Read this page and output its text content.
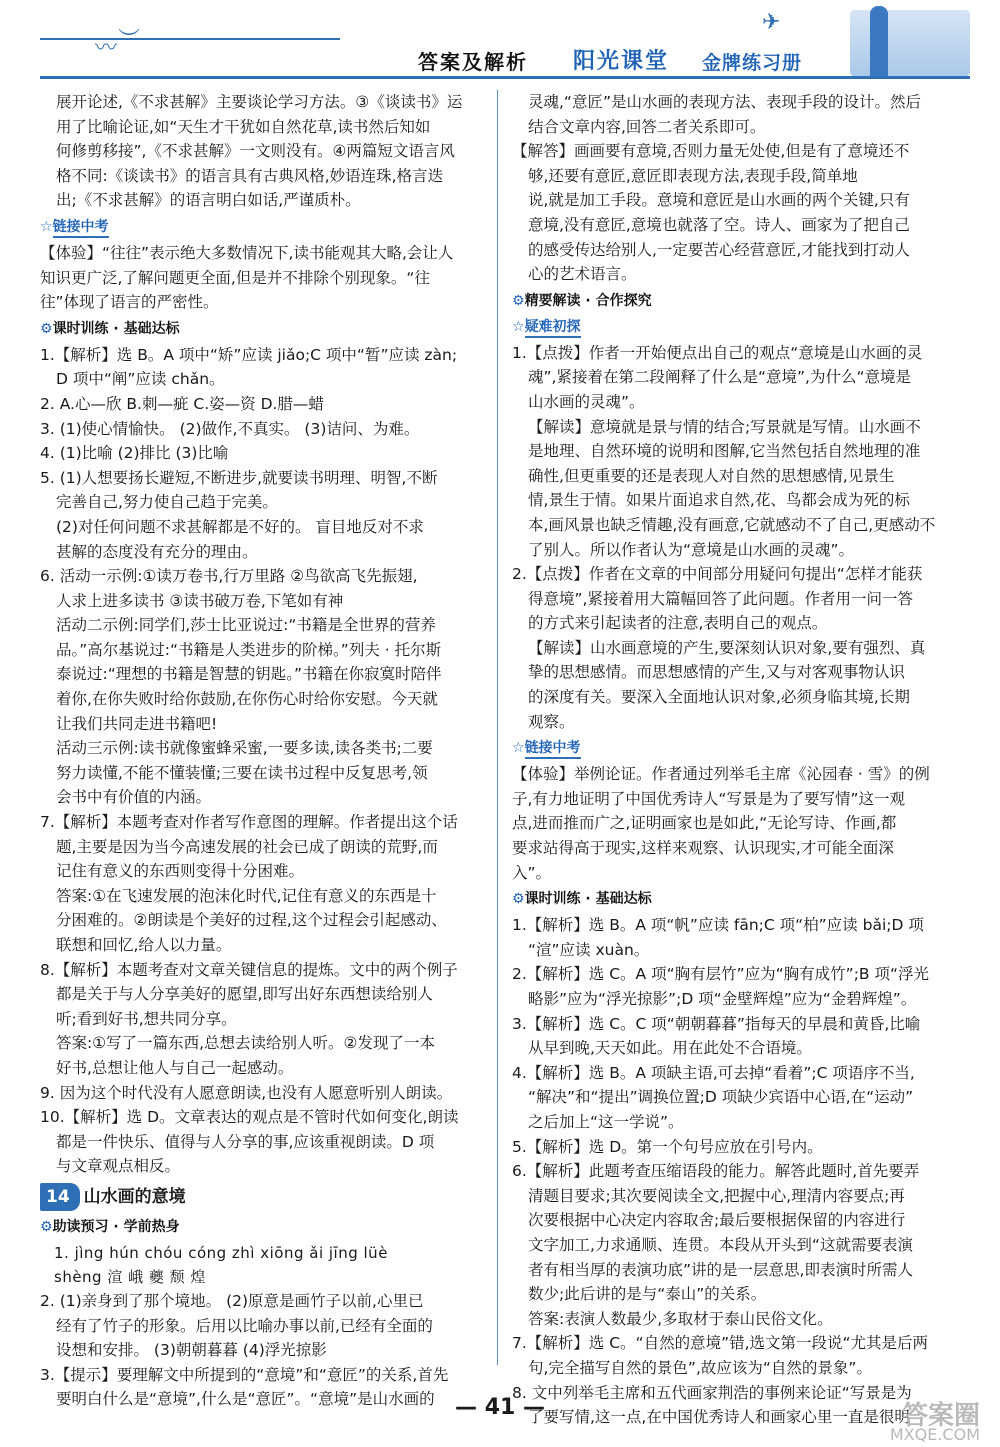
〰 ︶
✈
答案及解析 阳光课堂 金牌练习册

展开论述,《不求甚解》主要谈论学习方法。③《谈读书》运

用了比喻论证,如“天生才干犹如自然花草,读书然后知如

何修剪移接”,《不求甚解》一文则没有。④两篇短文语言风

格不同:《谈读书》的语言具有古典风格,妙语连珠,格言迭

出;《不求甚解》的语言明白如话,严谨质朴。

☆链接中考

【体验】“往往”表示绝大多数情况下,读书能观其大略,会让人

知识更广泛,了解问题更全面,但是并不排除个别现象。“往

往”体现了语言的严密性。

⚙课时训练 · 基础达标

1.【解析】选 B。A 项中“矫”应读 jiǎo;C 项中“暂”应读 zàn;

D 项中“阐”应读 chǎn。

2. A.心—欣 B.刺—疵 C.姿—资 D.腊—蜡

3. (1)使心情愉快。 (2)做作,不真实。 (3)诘问、为难。

4. (1)比喻 (2)排比 (3)比喻

5. (1)人想要扬长避短,不断进步,就要读书明理、明智,不断

完善自己,努力使自己趋于完美。

(2)对任何问题不求甚解都是不好的。 盲目地反对不求

甚解的态度没有充分的理由。

6. 活动一示例:①读万卷书,行万里路 ②鸟欲高飞先振翅,

人求上进多读书 ③读书破万卷,下笔如有神

活动二示例:同学们,莎士比亚说过:“书籍是全世界的营养

品。”高尔基说过:“书籍是人类进步的阶梯。”列夫 · 托尔斯

泰说过:“理想的书籍是智慧的钥匙。”书籍在你寂寞时陪伴

着你,在你失败时给你鼓励,在你伤心时给你安慰。今天就

让我们共同走进书籍吧!

活动三示例:读书就像蜜蜂采蜜,一要多读,读各类书;二要

努力读懂,不能不懂装懂;三要在读书过程中反复思考,领

会书中有价值的内涵。

7.【解析】本题考查对作者写作意图的理解。作者提出这个话

题,主要是因为当今高速发展的社会已成了朗读的荒野,而

记住有意义的东西则变得十分困难。

答案:①在飞速发展的泡沫化时代,记住有意义的东西是十

分困难的。②朗读是个美好的过程,这个过程会引起感动、

联想和回忆,给人以力量。

8.【解析】本题考查对文章关键信息的提炼。文中的两个例子

都是关于与人分享美好的愿望,即写出好东西想读给别人

听;看到好书,想共同分享。

答案:①写了一篇东西,总想去读给别人听。②发现了一本

好书,总想让他人与自己一起感动。

9. 因为这个时代没有人愿意朗读,也没有人愿意听别人朗读。

10.【解析】选 D。文章表达的观点是不管时代如何变化,朗读

都是一件快乐、值得与人分享的事,应该重视朗读。D 项

与文章观点相反。

14 山水画的意境
⚙助读预习 · 学前热身

1. jìng hún chóu cóng zhì xiōng ǎi jīng lüè

shèng 渲 峨 夔 颓 煌

2. (1)亲身到了那个境地。 (2)原意是画竹子以前,心里已

经有了竹子的形象。后用以比喻办事以前,已经有全面的

设想和安排。 (3)朝朝暮暮 (4)浮光掠影

3.【提示】要理解文中所提到的“意境”和“意匠”的关系,首先

要明白什么是“意境”,什么是“意匠”。“意境”是山水画的

灵魂,“意匠”是山水画的表现方法、表现手段的设计。然后

结合文章内容,回答二者关系即可。

【解答】画画要有意境,否则力量无处使,但是有了意境还不

够,还要有意匠,意匠即表现方法,表现手段,简单地

说,就是加工手段。意境和意匠是山水画的两个关键,只有

意境,没有意匠,意境也就落了空。诗人、画家为了把自己

的感受传达给别人,一定要苦心经营意匠,才能找到打动人

心的艺术语言。

⚙精要解读 · 合作探究
☆疑难初探

1.【点拨】作者一开始便点出自己的观点“意境是山水画的灵

魂”,紧接着在第二段阐释了什么是“意境”,为什么“意境是

山水画的灵魂”。

【解读】意境就是景与情的结合;写景就是写情。山水画不

是地理、自然环境的说明和图解,它当然包括自然地理的准

确性,但更重要的还是表现人对自然的思想感情,见景生

情,景生于情。如果片面追求自然,花、鸟都会成为死的标

本,画风景也缺乏情趣,没有画意,它就感动不了自己,更感动不

了别人。所以作者认为“意境是山水画的灵魂”。

2.【点拨】作者在文章的中间部分用疑问句提出“怎样才能获

得意境”,紧接着用大篇幅回答了此问题。作者用一问一答

的方式来引起读者的注意,表明自己的观点。

【解读】山水画意境的产生,要深刻认识对象,要有强烈、真

挚的思想感情。而思想感情的产生,又与对客观事物认识

的深度有关。要深入全面地认识对象,必须身临其境,长期

观察。

☆链接中考

【体验】举例论证。作者通过列举毛主席《沁园春 · 雪》的例

子,有力地证明了中国优秀诗人“写景是为了要写情”这一观

点,进而推而广之,证明画家也是如此,“无论写诗、作画,都

要求站得高于现实,这样来观察、认识现实,才可能全面深

入”。

⚙课时训练 · 基础达标

1.【解析】选 B。A 项“帆”应读 fān;C 项“柏”应读 bǎi;D 项

“渲”应读 xuàn。

2.【解析】选 C。A 项“胸有层竹”应为“胸有成竹”;B 项“浮光

略影”应为“浮光掠影”;D 项“金壁辉煌”应为“金碧辉煌”。

3.【解析】选 C。C 项“朝朝暮暮”指每天的早晨和黄昏,比喻

从早到晚,天天如此。用在此处不合语境。

4.【解析】选 B。A 项缺主语,可去掉“看着”;C 项语序不当,

“解决”和“提出”调换位置;D 项缺少宾语中心语,在“运动”

之后加上“这一学说”。

5.【解析】选 D。第一个句号应放在引号内。

6.【解析】此题考查压缩语段的能力。解答此题时,首先要弄

清题目要求;其次要阅读全文,把握中心,理清内容要点;再

次要根据中心决定内容取舍;最后要根据保留的内容进行

文字加工,力求通顺、连贯。本段从开头到“这就需要表演

者有相当厚的表演功底”讲的是一层意思,即表演时所需人

数少;此后讲的是与“泰山”的关系。

答案:表演人数最少,多取材于泰山民俗文化。

7.【解析】选 C。“自然的意境”错,选文第一段说“尤其是后两

句,完全描写自然的景色”,故应该为“自然的景象”。

8. 文中列举毛主席和五代画家荆浩的事例来论证“写景是为

了要写情,这一点,在中国优秀诗人和画家心里一直是很明

— 41 —	答案圈
MXQE.COM
